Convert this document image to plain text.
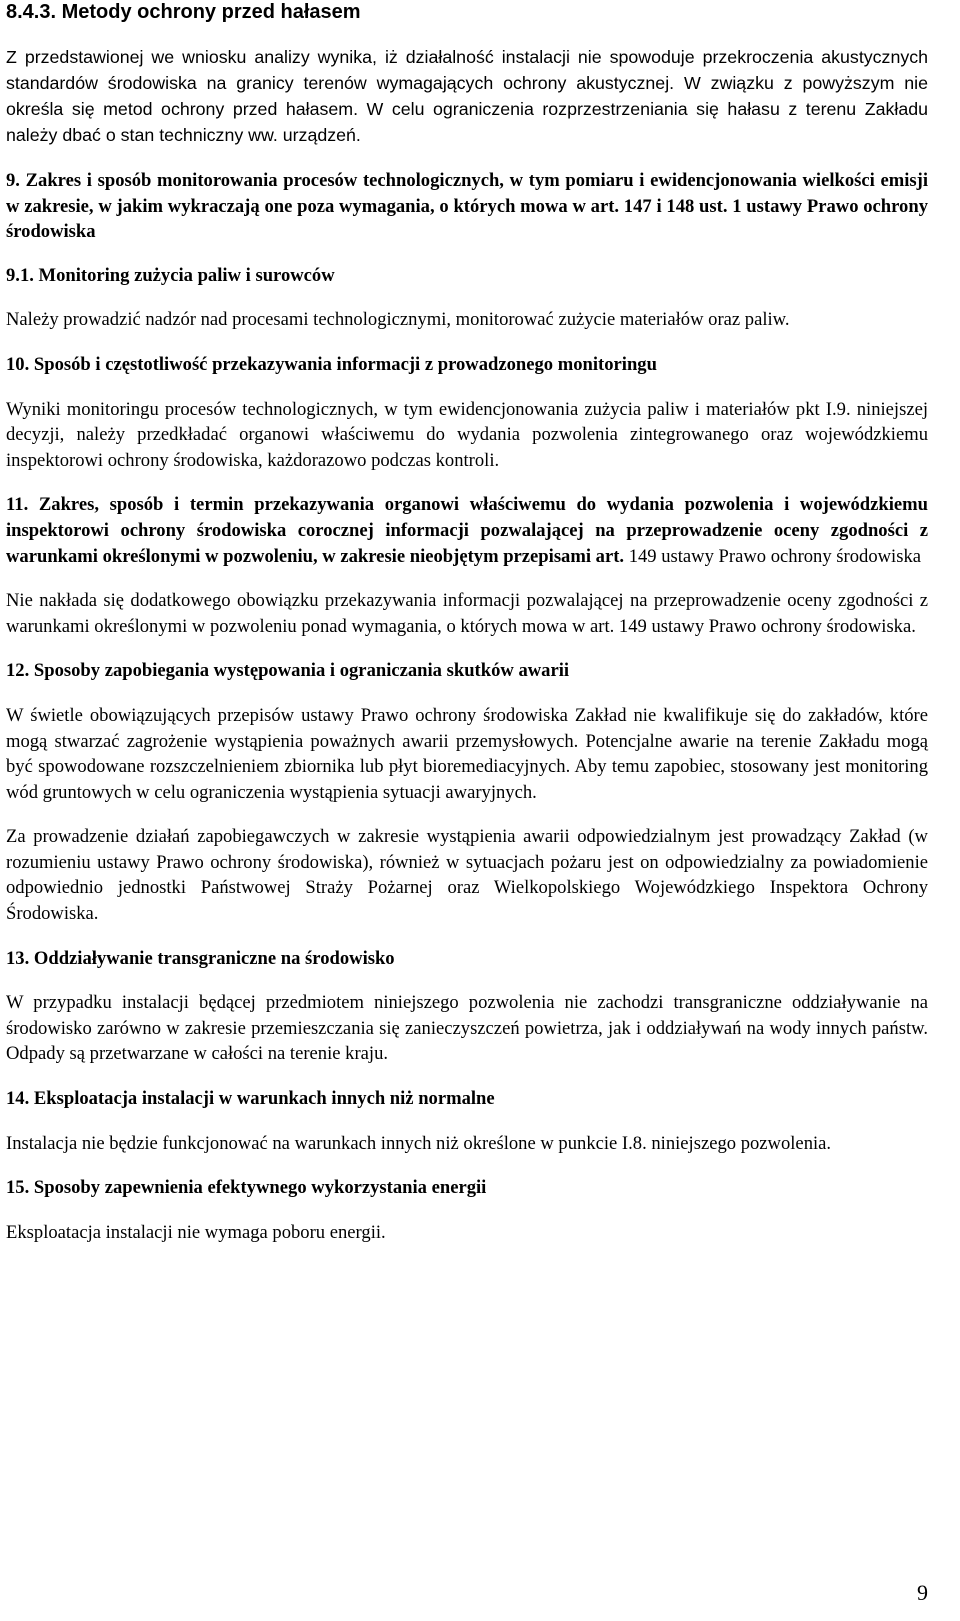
8.4.3. Metody ochrony przed hałasem

Z przedstawionej we wniosku analizy wynika, iż działalność instalacji nie spowoduje przekroczenia akustycznych standardów środowiska na granicy terenów wymagających ochrony akustycznej. W związku z powyższym nie określa się metod ochrony przed hałasem. W celu ograniczenia rozprzestrzeniania się hałasu z terenu Zakładu należy dbać o stan techniczny ww. urządzeń.

9. Zakres i sposób monitorowania procesów technologicznych, w tym pomiaru i ewidencjonowania wielkości emisji w zakresie, w jakim wykraczają one poza wymagania, o których mowa w art. 147 i 148 ust. 1 ustawy Prawo ochrony środowiska

9.1. Monitoring zużycia paliw i surowców

Należy prowadzić nadzór nad procesami technologicznymi, monitorować zużycie materiałów oraz paliw.

10. Sposób i częstotliwość przekazywania informacji z prowadzonego monitoringu

Wyniki monitoringu procesów technologicznych, w tym ewidencjonowania zużycia paliw i materiałów pkt I.9. niniejszej decyzji, należy przedkładać organowi właściwemu do wydania pozwolenia zintegrowanego oraz wojewódzkiemu inspektorowi ochrony środowiska, każdorazowo podczas kontroli.

11. Zakres, sposób i termin przekazywania organowi właściwemu do wydania pozwolenia i wojewódzkiemu inspektorowi ochrony środowiska corocznej informacji pozwalającej na przeprowadzenie oceny zgodności z warunkami określonymi w pozwoleniu, w zakresie nieobjętym przepisami art. 149 ustawy Prawo ochrony środowiska

Nie nakłada się dodatkowego obowiązku przekazywania informacji pozwalającej na przeprowadzenie oceny zgodności z warunkami określonymi w pozwoleniu ponad wymagania, o których mowa w art. 149 ustawy Prawo ochrony środowiska.

12. Sposoby zapobiegania występowania i ograniczania skutków awarii

W świetle obowiązujących przepisów ustawy Prawo ochrony środowiska Zakład nie kwalifikuje się do zakładów, które mogą stwarzać zagrożenie wystąpienia poważnych awarii przemysłowych. Potencjalne awarie na terenie Zakładu mogą być spowodowane rozszczelnieniem zbiornika lub płyt bioremediacyjnych. Aby temu zapobiec, stosowany jest monitoring wód gruntowych w celu ograniczenia wystąpienia sytuacji awaryjnych.

Za prowadzenie działań zapobiegawczych w zakresie wystąpienia awarii odpowiedzialnym jest prowadzący Zakład (w rozumieniu ustawy Prawo ochrony środowiska), również w sytuacjach pożaru jest on odpowiedzialny za powiadomienie odpowiednio jednostki Państwowej Straży Pożarnej oraz Wielkopolskiego Wojewódzkiego Inspektora Ochrony Środowiska.

13. Oddziaływanie transgraniczne na środowisko

W przypadku instalacji będącej przedmiotem niniejszego pozwolenia nie zachodzi transgraniczne oddziaływanie na środowisko zarówno w zakresie przemieszczania się zanieczyszczeń powietrza, jak i oddziaływań na wody innych państw. Odpady są przetwarzane w całości na terenie kraju.

14. Eksploatacja instalacji w warunkach innych niż normalne

Instalacja nie będzie funkcjonować na warunkach innych niż określone w punkcie I.8. niniejszego pozwolenia.

15. Sposoby zapewnienia efektywnego wykorzystania energii

Eksploatacja instalacji nie wymaga poboru energii.

9
